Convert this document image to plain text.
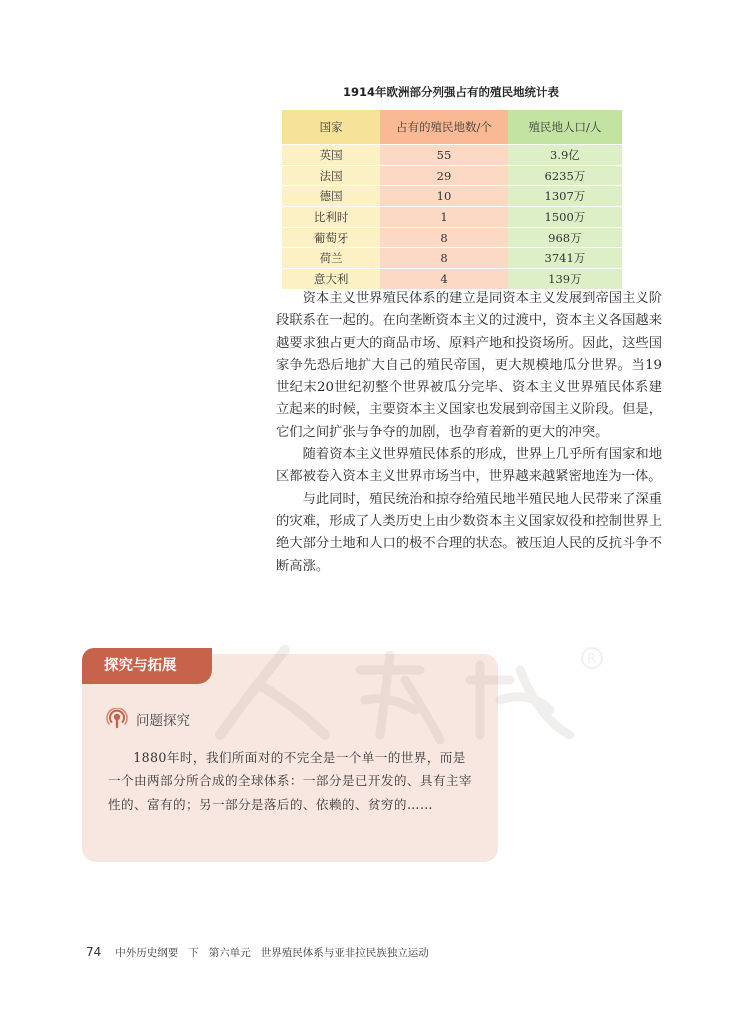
1914年欧洲部分列强占有的殖民地统计表
国家	占有的殖民地数/个	殖民地人口/人
英国	55	3.9亿
法国	29	6235万
德国	10	1307万
比利时	1	1500万
葡萄牙	8	968万
荷兰	8	3741万
意大利	4	139万

资本主义世界殖民体系的建立是同资本主义发展到帝国主义阶段联系在一起的。在向垄断资本主义的过渡中，资本主义各国越来越要求独占更大的商品市场、原料产地和投资场所。因此，这些国家争先恐后地扩大自己的殖民帝国，更大规模地瓜分世界。当19世纪末20世纪初整个世界被瓜分完毕、资本主义世界殖民体系建立起来的时候，主要资本主义国家也发展到帝国主义阶段。但是，它们之间扩张与争夺的加剧，也孕育着新的更大的冲突。

随着资本主义世界殖民体系的形成，世界上几乎所有国家和地区都被卷入资本主义世界市场当中，世界越来越紧密地连为一体。

与此同时，殖民统治和掠夺给殖民地半殖民地人民带来了深重的灾难，形成了人类历史上由少数资本主义国家奴役和控制世界上绝大部分土地和人口的极不合理的状态。被压迫人民的反抗斗争不断高涨。

R
探究与拓展
问题探究

1880年时，我们所面对的不完全是一个单一的世界，而是一个由两部分所合成的全球体系：一部分是已开发的、具有主宰性的、富有的；另一部分是落后的、依赖的、贫穷的……

74 中外历史纲要 下 第六单元 世界殖民体系与亚非拉民族独立运动
